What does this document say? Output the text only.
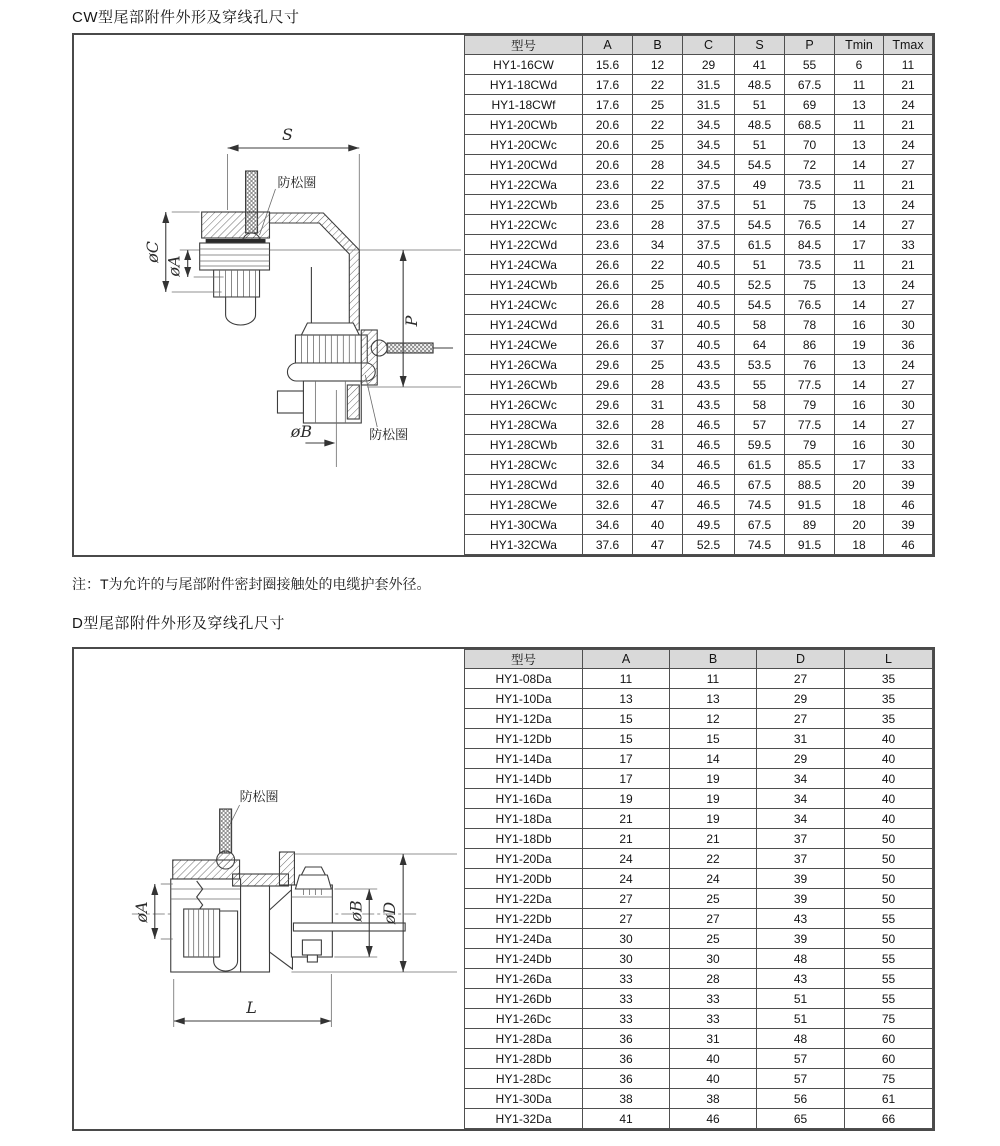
CW型尾部附件外形及穿线孔尺寸
S
防松圈
øC
øA
P
øB	防松圈
型号	A	B	C	S	P	Tmin	Tmax
HY1-16CW	15.6	12	29	41	55	6	11
HY1-18CWd	17.6	22	31.5	48.5	67.5	11	21
HY1-18CWf	17.6	25	31.5	51	69	13	24
HY1-20CWb	20.6	22	34.5	48.5	68.5	11	21
HY1-20CWc	20.6	25	34.5	51	70	13	24
HY1-20CWd	20.6	28	34.5	54.5	72	14	27
HY1-22CWa	23.6	22	37.5	49	73.5	11	21
HY1-22CWb	23.6	25	37.5	51	75	13	24
HY1-22CWc	23.6	28	37.5	54.5	76.5	14	27
HY1-22CWd	23.6	34	37.5	61.5	84.5	17	33
HY1-24CWa	26.6	22	40.5	51	73.5	11	21
HY1-24CWb	26.6	25	40.5	52.5	75	13	24
HY1-24CWc	26.6	28	40.5	54.5	76.5	14	27
HY1-24CWd	26.6	31	40.5	58	78	16	30
HY1-24CWe	26.6	37	40.5	64	86	19	36
HY1-26CWa	29.6	25	43.5	53.5	76	13	24
HY1-26CWb	29.6	28	43.5	55	77.5	14	27
HY1-26CWc	29.6	31	43.5	58	79	16	30
HY1-28CWa	32.6	28	46.5	57	77.5	14	27
HY1-28CWb	32.6	31	46.5	59.5	79	16	30
HY1-28CWc	32.6	34	46.5	61.5	85.5	17	33
HY1-28CWd	32.6	40	46.5	67.5	88.5	20	39
HY1-28CWe	32.6	47	46.5	74.5	91.5	18	46
HY1-30CWa	34.6	40	49.5	67.5	89	20	39
HY1-32CWa	37.6	47	52.5	74.5	91.5	18	46
注：T为允许的与尾部附件密封圈接触处的电缆护套外径。
D型尾部附件外形及穿线孔尺寸
防松圈
øA	øB øD
L
型号	A	B	D	L
HY1-08Da	11	11	27	35
HY1-10Da	13	13	29	35
HY1-12Da	15	12	27	35
HY1-12Db	15	15	31	40
HY1-14Da	17	14	29	40
HY1-14Db	17	19	34	40
HY1-16Da	19	19	34	40
HY1-18Da	21	19	34	40
HY1-18Db	21	21	37	50
HY1-20Da	24	22	37	50
HY1-20Db	24	24	39	50
HY1-22Da	27	25	39	50
HY1-22Db	27	27	43	55
HY1-24Da	30	25	39	50
HY1-24Db	30	30	48	55
HY1-26Da	33	28	43	55
HY1-26Db	33	33	51	55
HY1-26Dc	33	33	51	75
HY1-28Da	36	31	48	60
HY1-28Db	36	40	57	60
HY1-28Dc	36	40	57	75
HY1-30Da	38	38	56	61
HY1-32Da	41	46	65	66
